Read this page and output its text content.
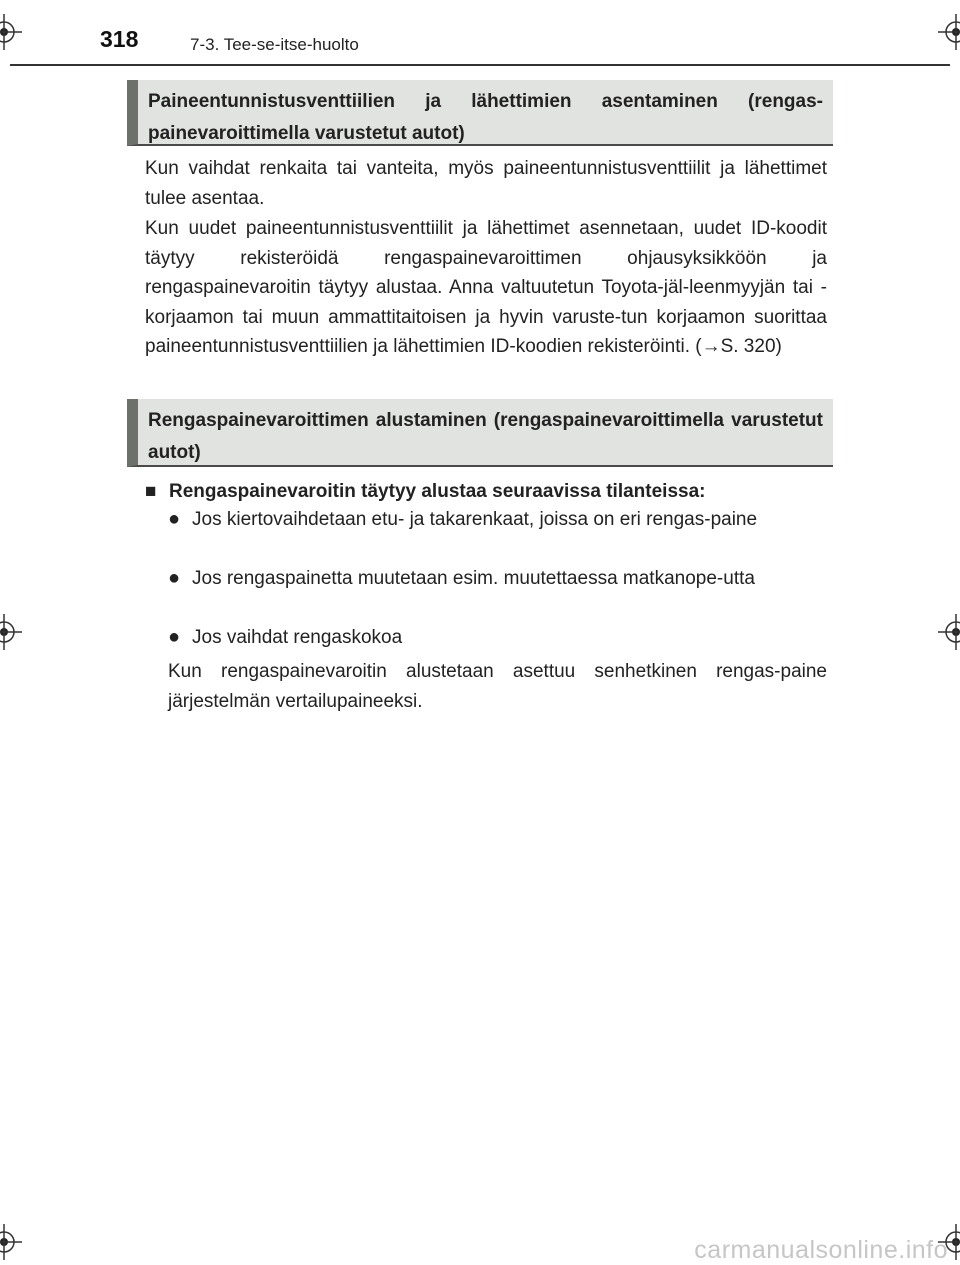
318	7-3. Tee-se-itse-huolto
Paineentunnistusventtiilien ja lähettimien asentaminen (rengas-painevaroittimella varustetut autot)
Kun vaihdat renkaita tai vanteita, myös paineentunnistusventtiilit ja lähettimet tulee asentaa.
Kun uudet paineentunnistusventtiilit ja lähettimet asennetaan, uudet ID-koodit täytyy rekisteröidä rengaspainevaroittimen ohjausyksikköön ja rengaspainevaroitin täytyy alustaa. Anna valtuutetun Toyota-jäl-leenmyyjän tai -korjaamon tai muun ammattitaitoisen ja hyvin varuste-tun korjaamon suorittaa paineentunnistusventtiilien ja lähettimien ID-koodien rekisteröinti. (→S. 320)
Rengaspainevaroittimen alustaminen (rengaspainevaroittimella varustetut autot)
■ Rengaspainevaroitin täytyy alustaa seuraavissa tilanteissa:
● Jos kiertovaihdetaan etu- ja takarenkaat, joissa on eri rengas-paine
● Jos rengaspainetta muutetaan esim. muutettaessa matkanope-utta
● Jos vaihdat rengaskokoa
Kun rengaspainevaroitin alustetaan asettuu senhetkinen rengas-paine järjestelmän vertailupaineeksi.
carmanualsonline.info
